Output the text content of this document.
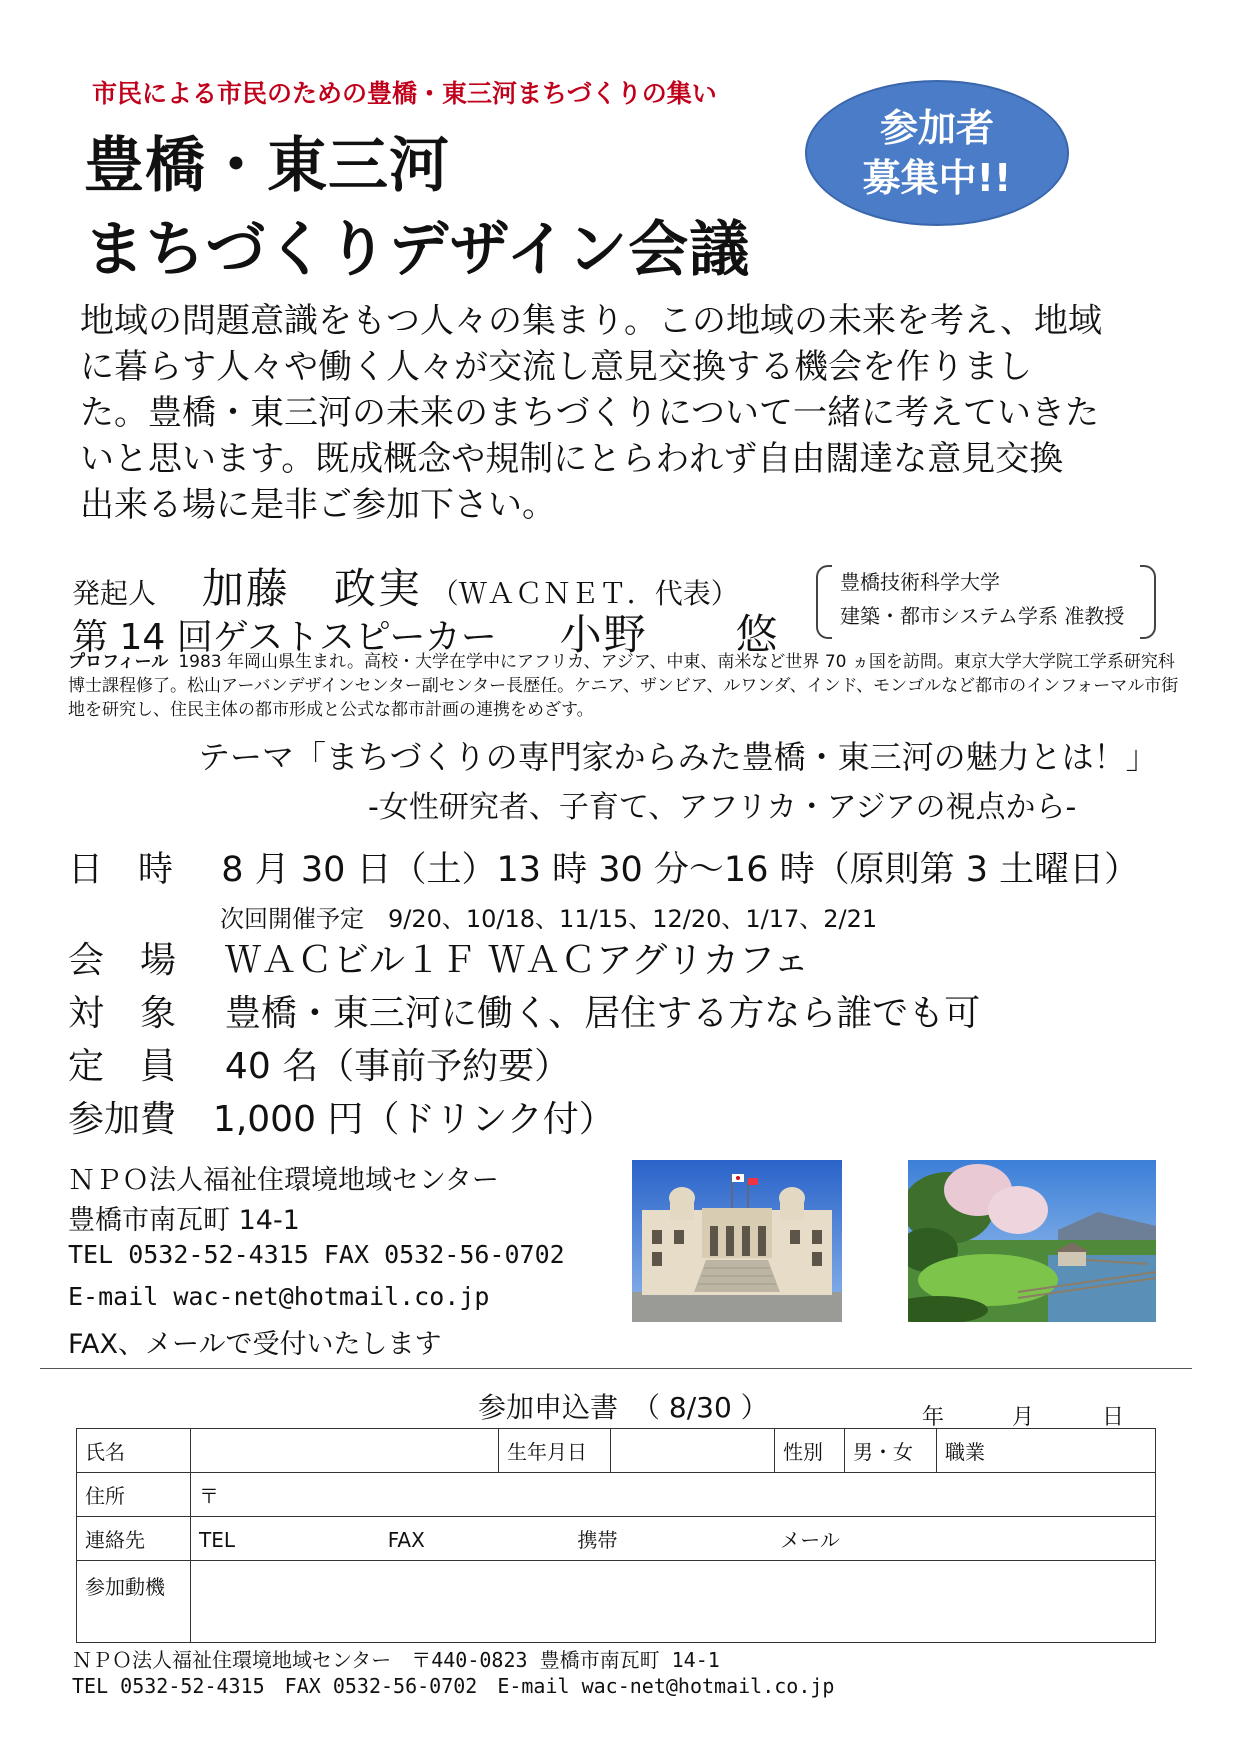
市民による市民のための豊橋・東三河まちづくりの集い
豊橋・東三河
まちづくりデザイン会議
参加者
募集中!!
地域の問題意識をもつ人々の集まり。この地域の未来を考え、地域
に暮らす人々や働く人々が交流し意見交換する機会を作りまし
た。豊橋・東三河の未来のまちづくりについて一緒に考えていきた
いと思います。既成概念や規制にとらわれず自由闊達な意見交換
出来る場に是非ご参加下さい。
発起人 加藤　政実 （ＷＡＣＮＥＴ．代表）
第 14 回ゲストスピーカー 小野　　悠
豊橋技術科学大学
建築・都市システム学系 准教授
プロフィール 1983 年岡山県生まれ。高校・大学在学中にアフリカ、アジア、中東、南米など世界 70 ヵ国を訪問。東京大学大学院工学系研究科博士課程修了。松山アーバンデザインセンター副センター長歴任。ケニア、ザンビア、ルワンダ、インド、モンゴルなど都市のインフォーマル市街地を研究し、住民主体の都市形成と公式な都市計画の連携をめざす。
テーマ「まちづくりの専門家からみた豊橋・東三河の魅力とは！」
-女性研究者、子育て、アフリカ・アジアの視点から-
日　時 8 月 30 日（土）13 時 30 分～16 時（原則第 3 土曜日）
次回開催予定　9/20、10/18、11/15、12/20、1/17、2/21
会　場 ＷＡＣビル１Ｆ ＷＡＣアグリカフェ
対　象 豊橋・東三河に働く、居住する方なら誰でも可
定　員 40 名（事前予約要）
参加費 1,000 円（ドリンク付）
ＮＰＯ法人福祉住環境地域センター
豊橋市南瓦町 14-1
TEL 0532-52-4315 FAX 0532-56-0702
E-mail wac-net@hotmail.co.jp
FAX、メールで受付いたします
参加申込書　（ 8/30 ）	年	月	日
氏名		生年月日		性別	男・女	職業
住所	〒					
連絡先	TEL FAX 携帯 メール					
参加動機						
ＮＰＯ法人福祉住環境地域センター　〒440-0823 豊橋市南瓦町 14-1
TEL 0532-52-4315　FAX 0532-56-0702　E-mail wac-net@hotmail.co.jp
